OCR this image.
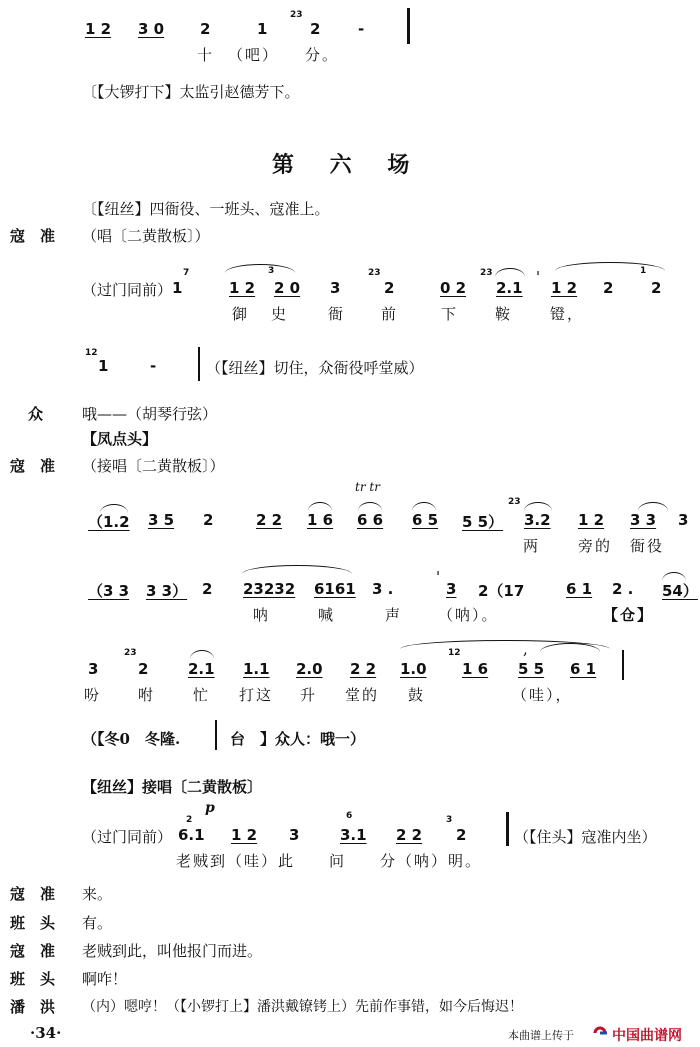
1 2 3 0 2	1
23
2	-
十 （吧） 分。
〔【大锣打下】太监引赵德芳下。
第 六 场
〔【纽丝】四衙役、一班头、寇准上。
寇　准 （唱〔二黄散板〕）
（过门同前） 1
7
1 2
3
2 0 3
23
2	0 2
23
2.1
'
1 2 2
1
2
御 史	衙 前	下 鞍	镫，
12
1	-	（【纽丝】切住，众衙役呼堂威）
众	哦——（胡琴行弦）
【凤点头】
寇　准 （接唱〔二黄散板〕）
tr tr
（1.2 3 5 2	2 2 1 6 6 6 6 5 5 5）
23
3.2 1 2 3 3 3
两	旁的 衙役
（3 3 3 3） 2 23232 6161 3 .
'
3 2（17	6 1 2 . 54）
呐	喊	声 （呐）。	【仓】
3
23
2	2.1 1.1 2.0 2 2 1.0
12
1 6
,
5 5 6 1
吩 咐	忙 打这 升 堂的 鼓	（哇），
（【冬0　冬隆.	台　】众人：哦一）
【纽丝】接唱〔二黄散板〕
p
（过门同前）
2
6.1 1 2 3
6
3.1 2 2
3
2	（【住头】寇准内坐）
老贼到（哇）此　　问　　分（呐）明。
寇　准 来。
班　头 有。
寇　准 老贼到此，叫他报门而进。
班　头 啊咋！
潘　洪 （内）嗯哼！（【小锣打上】潘洪戴镣铐上）先前作事错，如今后悔迟！
·34·	本曲谱上传于	中国曲谱网
